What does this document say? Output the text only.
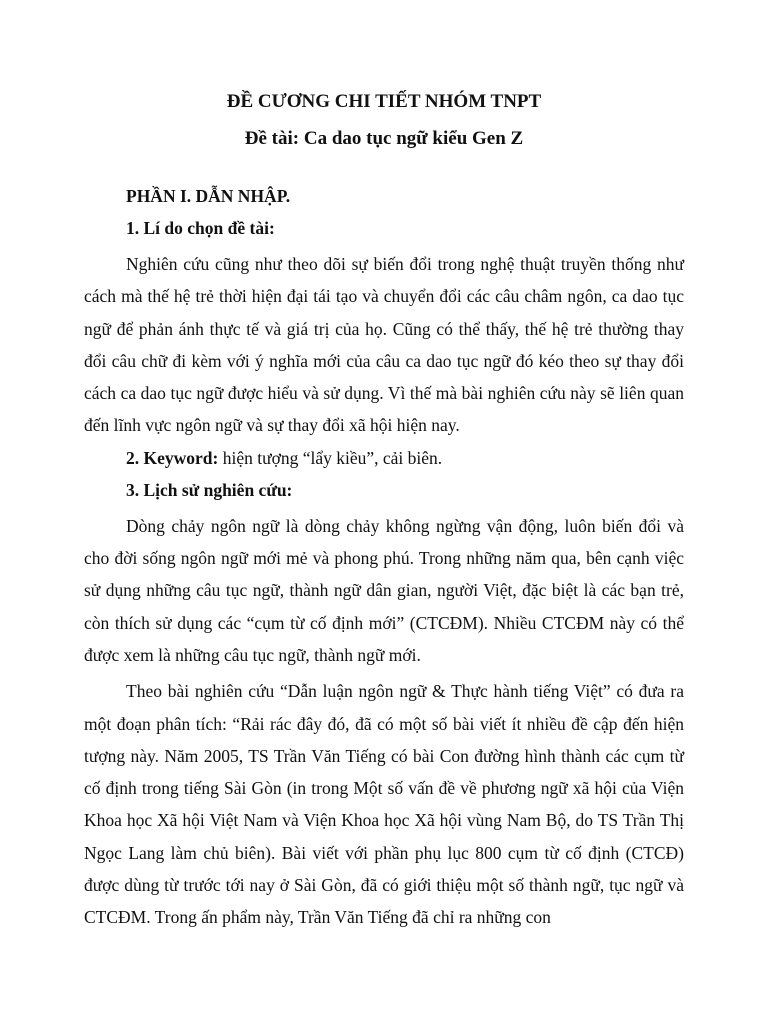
ĐỀ CƯƠNG CHI TIẾT NHÓM TNPT
Đề tài: Ca dao tục ngữ kiểu Gen Z

PHẦN I. DẪN NHẬP.

1. Lí do chọn đề tài:

Nghiên cứu cũng như theo dõi sự biến đổi trong nghệ thuật truyền thống như cách mà thế hệ trẻ thời hiện đại tái tạo và chuyển đổi các câu châm ngôn, ca dao tục ngữ để phản ánh thực tế và giá trị của họ. Cũng có thể thấy, thế hệ trẻ thường thay đổi câu chữ đi kèm với ý nghĩa mới của câu ca dao tục ngữ đó kéo theo sự thay đổi cách ca dao tục ngữ được hiểu và sử dụng. Vì thế mà bài nghiên cứu này sẽ liên quan đến lĩnh vực ngôn ngữ và sự thay đổi xã hội hiện nay.

2. Keyword: hiện tượng “lẩy kiều”, cải biên.

3. Lịch sử nghiên cứu:

Dòng chảy ngôn ngữ là dòng chảy không ngừng vận động, luôn biến đổi và cho đời sống ngôn ngữ mới mẻ và phong phú. Trong những năm qua, bên cạnh việc sử dụng những câu tục ngữ, thành ngữ dân gian, người Việt, đặc biệt là các bạn trẻ, còn thích sử dụng các “cụm từ cố định mới” (CTCĐM). Nhiều CTCĐM này có thể được xem là những câu tục ngữ, thành ngữ mới.

Theo bài nghiên cứu “Dẫn luận ngôn ngữ & Thực hành tiếng Việt” có đưa ra một đoạn phân tích: “Rải rác đây đó, đã có một số bài viết ít nhiều đề cập đến hiện tượng này. Năm 2005, TS Trần Văn Tiếng có bài Con đường hình thành các cụm từ cố định trong tiếng Sài Gòn (in trong Một số vấn đề về phương ngữ xã hội của Viện Khoa học Xã hội Việt Nam và Viện Khoa học Xã hội vùng Nam Bộ, do TS Trần Thị Ngọc Lang làm chủ biên). Bài viết với phần phụ lục 800 cụm từ cố định (CTCĐ) được dùng từ trước tới nay ở Sài Gòn, đã có giới thiệu một số thành ngữ, tục ngữ và CTCĐM. Trong ấn phẩm này, Trần Văn Tiếng đã chỉ ra những con
